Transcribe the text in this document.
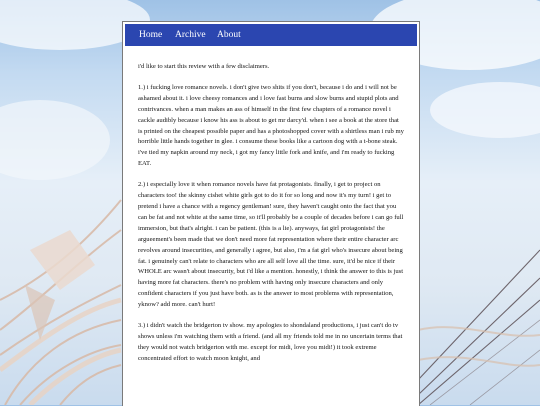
Home Archive About

i'd like to start this review with a few disclaimers.

1.) i fucking love romance novels. i don't give two shits if you don't, because i do and i will not be ashamed about it. i love cheesy romances and i love fast burns and slow burns and stupid plots and contrivances. when a man makes an ass of himself in the first few chapters of a romance novel i cackle audibly because i know his ass is about to get mr darcy'd. when i see a book at the store that is printed on the cheapest possible paper and has a photoshopped cover with a shirtless man i rub my horrible little hands together in glee. i consume these books like a cartoon dog with a t-bone steak. i've tied my napkin around my neck, i got my fancy little fork and knife, and i'm ready to fucking EAT.

2.) i especially love it when romance novels have fat protagonists. finally, i get to project on characters too! the skinny cishet white girls got to do it for so long and now it's my turn! i get to pretend i have a chance with a regency gentleman! sure, they haven't caught onto the fact that you can be fat and not white at the same time, so it'll probably be a couple of decades before i can go full immersion, but that's alright. i can be patient. (this is a lie). anyways, fat girl protagonists! the argueement's been made that we don't need more fat representation where their entire character arc revolves around insecurities, and generally i agree, but also, i'm a fat girl who's insecure about being fat. i genuinely can't relate to characters who are all self love all the time. sure, it'd be nice if their WHOLE arc wasn't about insecurity, but i'd like a mention. honestly, i think the answer to this is just having more fat characters. there's no problem with having only insecure characters and only confident characters if you just have both. as is the answer to most problems with representation, yknow? add more. can't hurt!

3.) i didn't watch the bridgerton tv show. my apologies to shondaland productions, i just can't do tv shows unless i'm watching them with a friend. (and all my friends told me in no uncertain terms that they would not watch bridgerton with me. except for midi, love you midi!) it took extreme concentrated effort to watch moon knight, and
